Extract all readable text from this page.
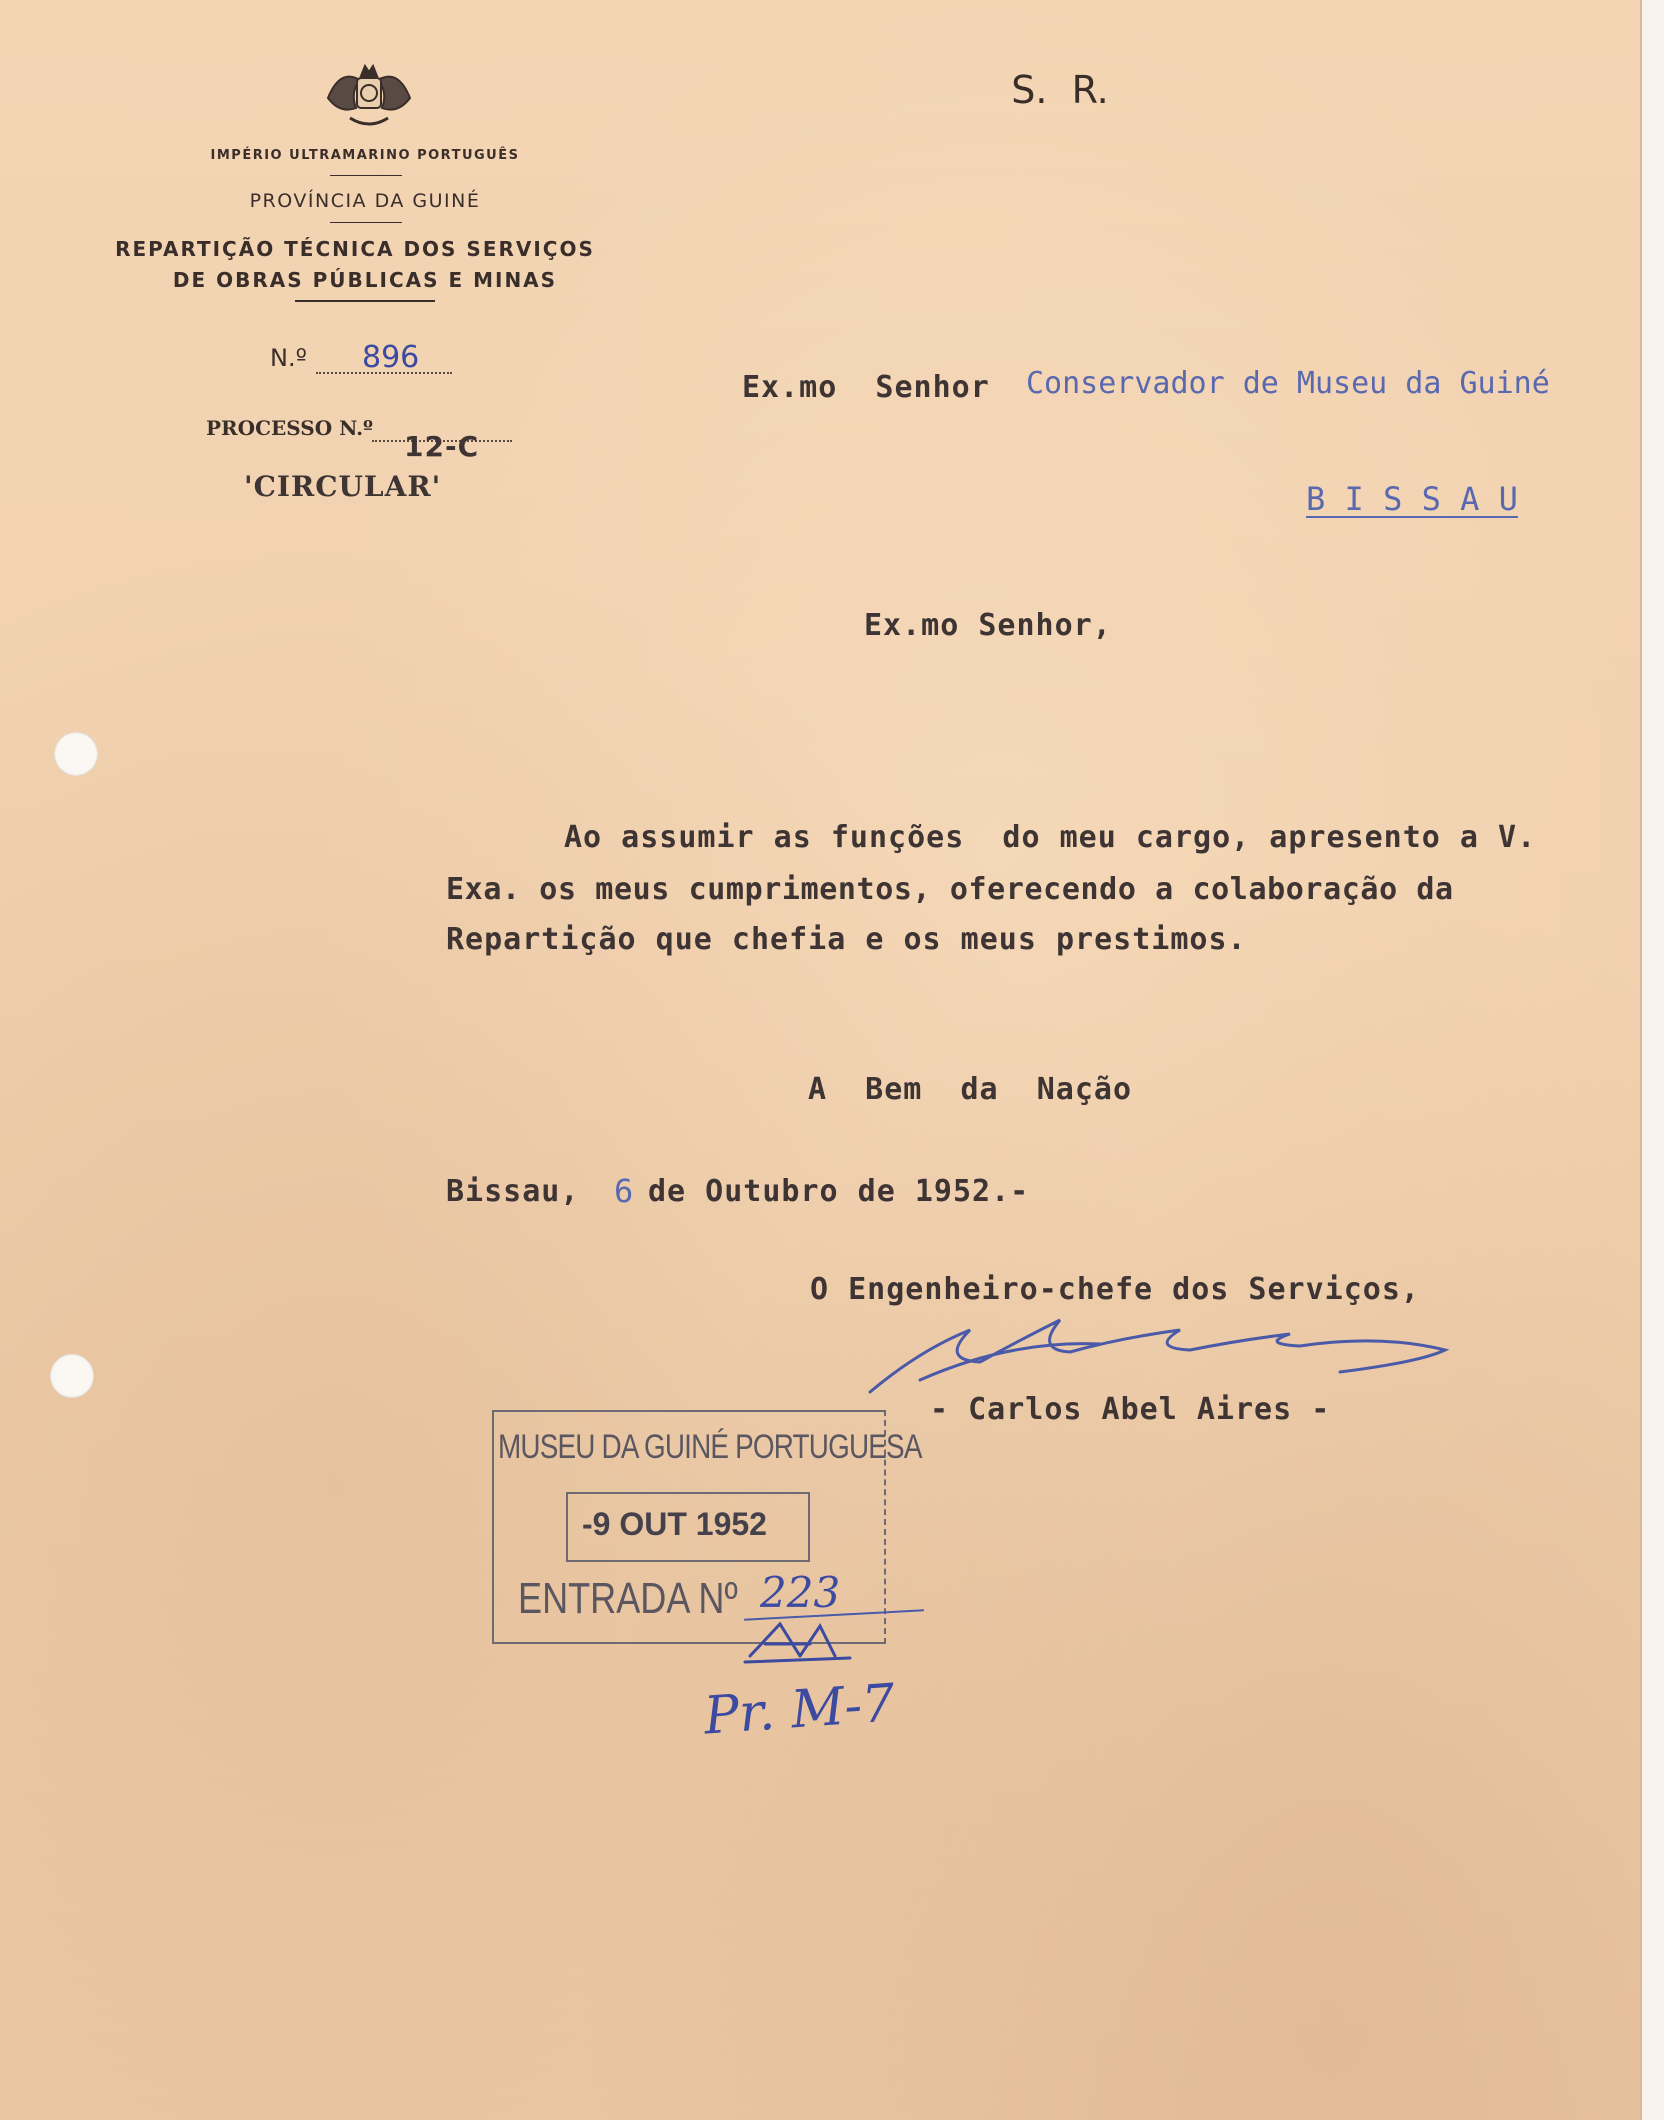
IMPÉRIO ULTRAMARINO PORTUGUÊS
PROVÍNCIA DA GUINÉ
REPARTIÇÃO TÉCNICA DOS SERVIÇOS
DE OBRAS PÚBLICAS E MINAS
S.  R.
N.º 896
PROCESSO N.º
12-C
'CIRCULAR'
Ex.mo  Senhor Conservador de Museu da Guiné
B I S S A U
Ex.mo Senhor,
Ao assumir as funções  do meu cargo, apresento a V.
Exa. os meus cumprimentos, oferecendo a colaboração da
Repartição que chefia e os meus prestimos.
A  Bem  da  Nação
Bissau, 6 de Outubro de 1952.-
O Engenheiro-chefe dos Serviços,
- Carlos Abel Aires -
MUSEU DA GUINÉ PORTUGUESA
-9 OUT 1952
ENTRADA Nº 223
Pr. M-7
